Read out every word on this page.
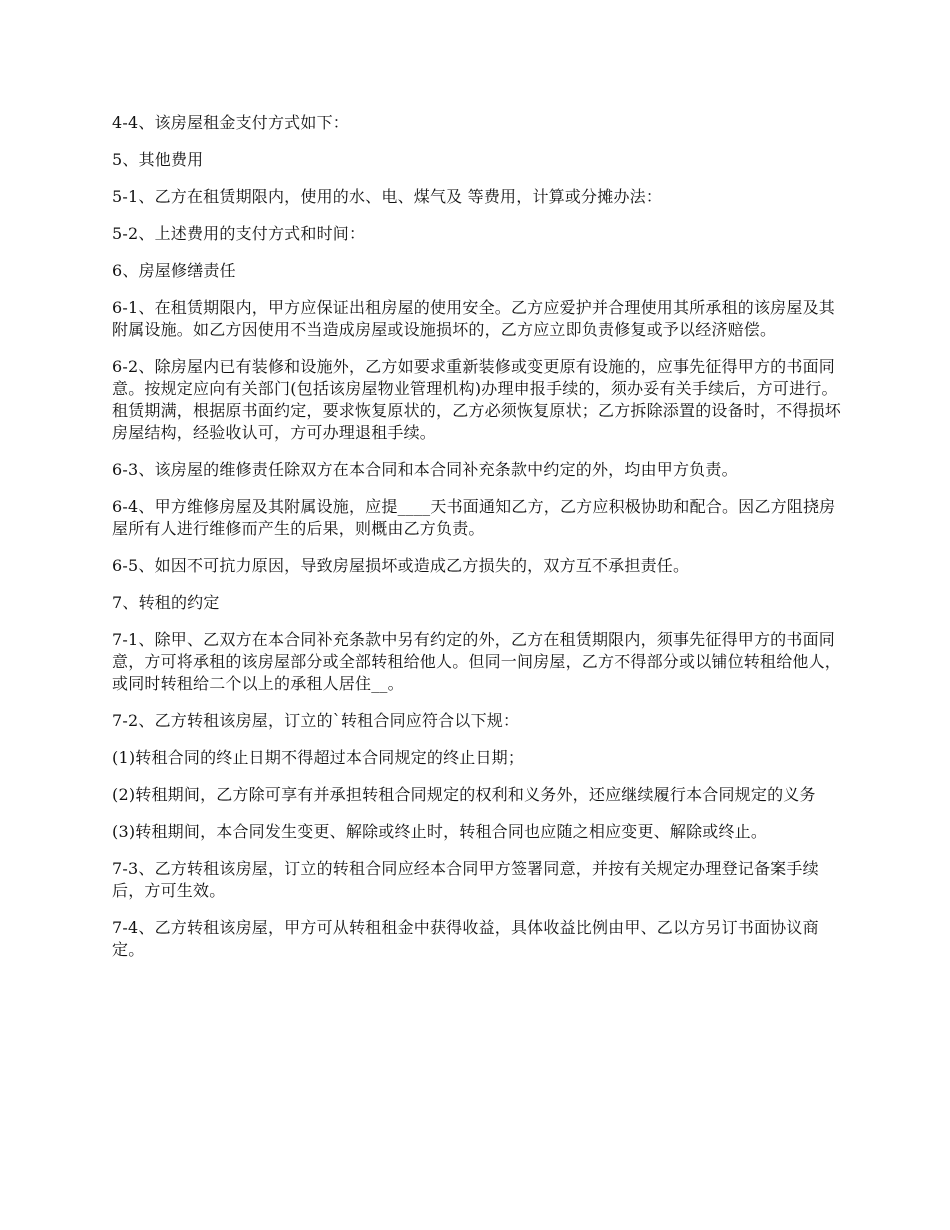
4-4、该房屋租金支付方式如下：

5、其他费用

5-1、乙方在租赁期限内，使用的水、电、煤气及 等费用，计算或分摊办法：

5-2、上述费用的支付方式和时间：

6、房屋修缮责任

6-1、在租赁期限内，甲方应保证出租房屋的使用安全。乙方应爱护并合理使用其所承租的该房屋及其附属设施。如乙方因使用不当造成房屋或设施损坏的，乙方应立即负责修复或予以经济赔偿。

6-2、除房屋内已有装修和设施外，乙方如要求重新装修或变更原有设施的，应事先征得甲方的书面同意。按规定应向有关部门(包括该房屋物业管理机构)办理申报手续的，须办妥有关手续后，方可进行。租赁期满，根据原书面约定，要求恢复原状的，乙方必须恢复原状；乙方拆除添置的设备时，不得损坏房屋结构，经验收认可，方可办理退租手续。

6-3、该房屋的维修责任除双方在本合同和本合同补充条款中约定的外，均由甲方负责。

6-4、甲方维修房屋及其附属设施，应提____天书面通知乙方，乙方应积极协助和配合。因乙方阻挠房屋所有人进行维修而产生的后果，则概由乙方负责。

6-5、如因不可抗力原因，导致房屋损坏或造成乙方损失的，双方互不承担责任。

7、转租的约定

7-1、除甲、乙双方在本合同补充条款中另有约定的外，乙方在租赁期限内，须事先征得甲方的书面同意，方可将承租的该房屋部分或全部转租给他人。但同一间房屋，乙方不得部分或以铺位转租给他人，或同时转租给二个以上的承租人居住__。

7-2、乙方转租该房屋，订立的`转租合同应符合以下规：

(1)转租合同的终止日期不得超过本合同规定的终止日期；

(2)转租期间，乙方除可享有并承担转租合同规定的权利和义务外，还应继续履行本合同规定的义务

(3)转租期间，本合同发生变更、解除或终止时，转租合同也应随之相应变更、解除或终止。

7-3、乙方转租该房屋，订立的转租合同应经本合同甲方签署同意，并按有关规定办理登记备案手续后，方可生效。

7-4、乙方转租该房屋，甲方可从转租租金中获得收益，具体收益比例由甲、乙以方另订书面协议商定。
